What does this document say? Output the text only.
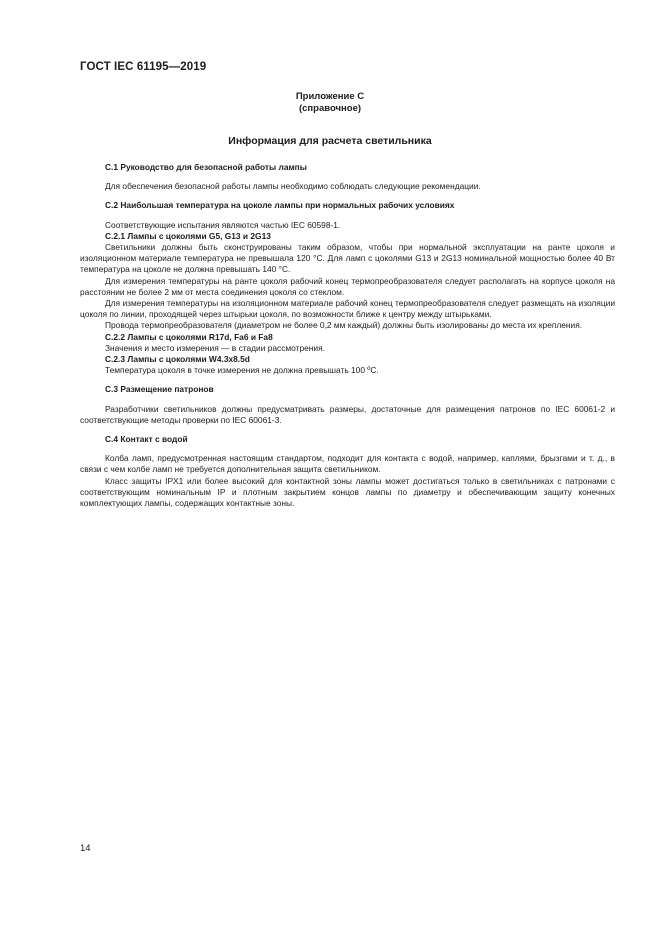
ГОСТ IEC 61195—2019
Приложение С
(справочное)
Информация для расчета светильника

C.1 Руководство для безопасной работы лампы

Для обеспечения безопасной работы лампы необходимо соблюдать следующие рекомендации.

C.2 Наибольшая температура на цоколе лампы при нормальных рабочих условиях

Соответствующие испытания являются частью IEC 60598-1.

C.2.1 Лампы с цоколями G5, G13 и 2G13

Светильники должны быть сконструированы таким образом, чтобы при нормальной эксплуатации на ранте цоколя и изоляционном материале температура не превышала 120 °С. Для ламп с цоколями G13 и 2G13 номинальной мощностью более 40 Вт температура на цоколе не должна превышать 140 °С.

Для измерения температуры на ранте цоколя рабочий конец термопреобразователя следует располагать на корпусе цоколя на расстоянии не более 2 мм от места соединения цоколя со стеклом.

Для измерения температуры на изоляционном материале рабочий конец термопреобразователя следует размещать на изоляции цоколя по линии, проходящей через штырьки цоколя, по возможности ближе к центру между штырьками.

Провода термопреобразователя (диаметром не более 0,2 мм каждый) должны быть изолированы до места их крепления.

C.2.2 Лампы с цоколями R17d, Fa6 и Fa8

Значения и место измерения — в стадии рассмотрения.

C.2.3 Лампы с цоколями W4.3x8.5d

Температура цоколя в точке измерения не должна превышать 100 ºС.

C.3 Размещение патронов

Разработчики светильников должны предусматривать размеры, достаточные для размещения патронов по IEC 60061-2 и соответствующие методы проверки по IEC 60061-3.

C.4 Контакт с водой

Колба ламп, предусмотренная настоящим стандартом, подходит для контакта с водой, например, каплями, брызгами и т. д., в связи с чем колбе ламп не требуется дополнительная защита светильником.

Класс защиты IPX1 или более высокий для контактной зоны лампы может достигаться только в светильниках с патронами с соответствующим номинальным IP и плотным закрытием концов лампы по диаметру и обеспечивающим защиту конечных комплектующих лампы, содержащих контактные зоны.

14
